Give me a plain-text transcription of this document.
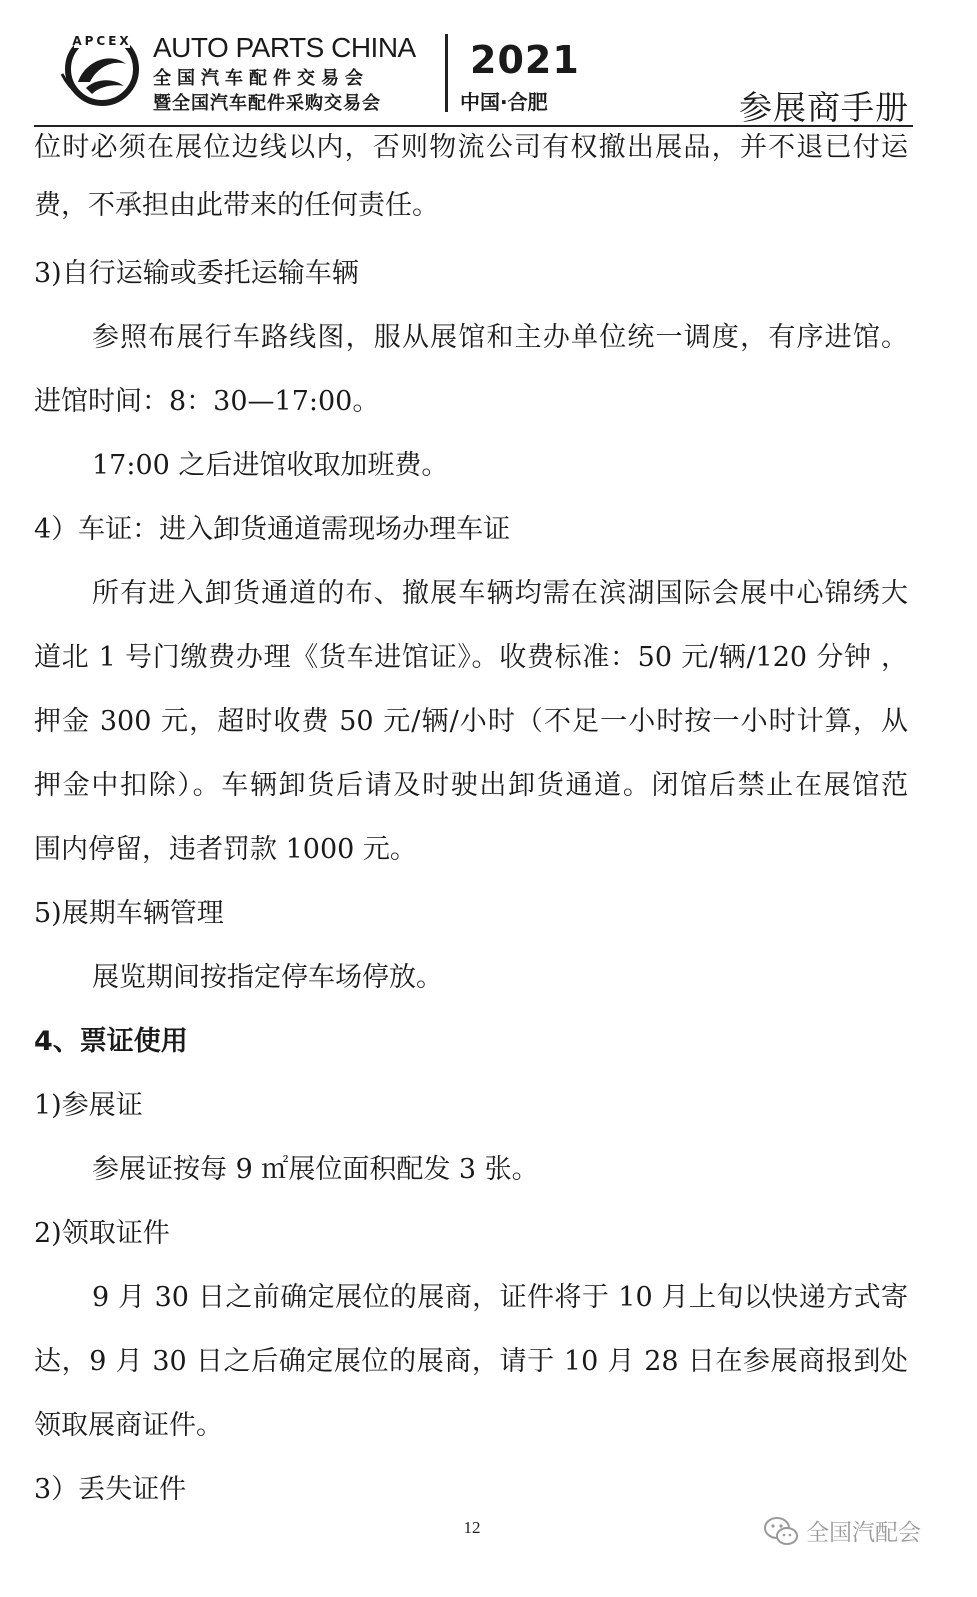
APCEX AUTO PARTS CHINA
全国汽车配件交易会
暨全国汽车配件采购交易会
2021
中国·合肥	参展商手册
位时必须在展位边线以内，否则物流公司有权撤出展品，并不退已付运
费，不承担由此带来的任何责任。
3)自行运输或委托运输车辆
参照布展行车路线图，服从展馆和主办单位统一调度，有序进馆。
进馆时间：8：30—17:00。
17:00 之后进馆收取加班费。
4）车证：进入卸货通道需现场办理车证
所有进入卸货通道的布、撤展车辆均需在滨湖国际会展中心锦绣大
道北 1 号门缴费办理《货车进馆证》。收费标准：50 元/辆/120 分钟 ，
押金 300 元，超时收费 50 元/辆/小时（不足一小时按一小时计算，从
押金中扣除）。车辆卸货后请及时驶出卸货通道。闭馆后禁止在展馆范
围内停留，违者罚款 1000 元。
5)展期车辆管理
展览期间按指定停车场停放。
4、票证使用
1)参展证
参展证按每 9 ㎡展位面积配发 3 张。
2)领取证件
9 月 30 日之前确定展位的展商，证件将于 10 月上旬以快递方式寄
达，9 月 30 日之后确定展位的展商，请于 10 月 28 日在参展商报到处
领取展商证件。
3）丢失证件
12	全国汽配会
